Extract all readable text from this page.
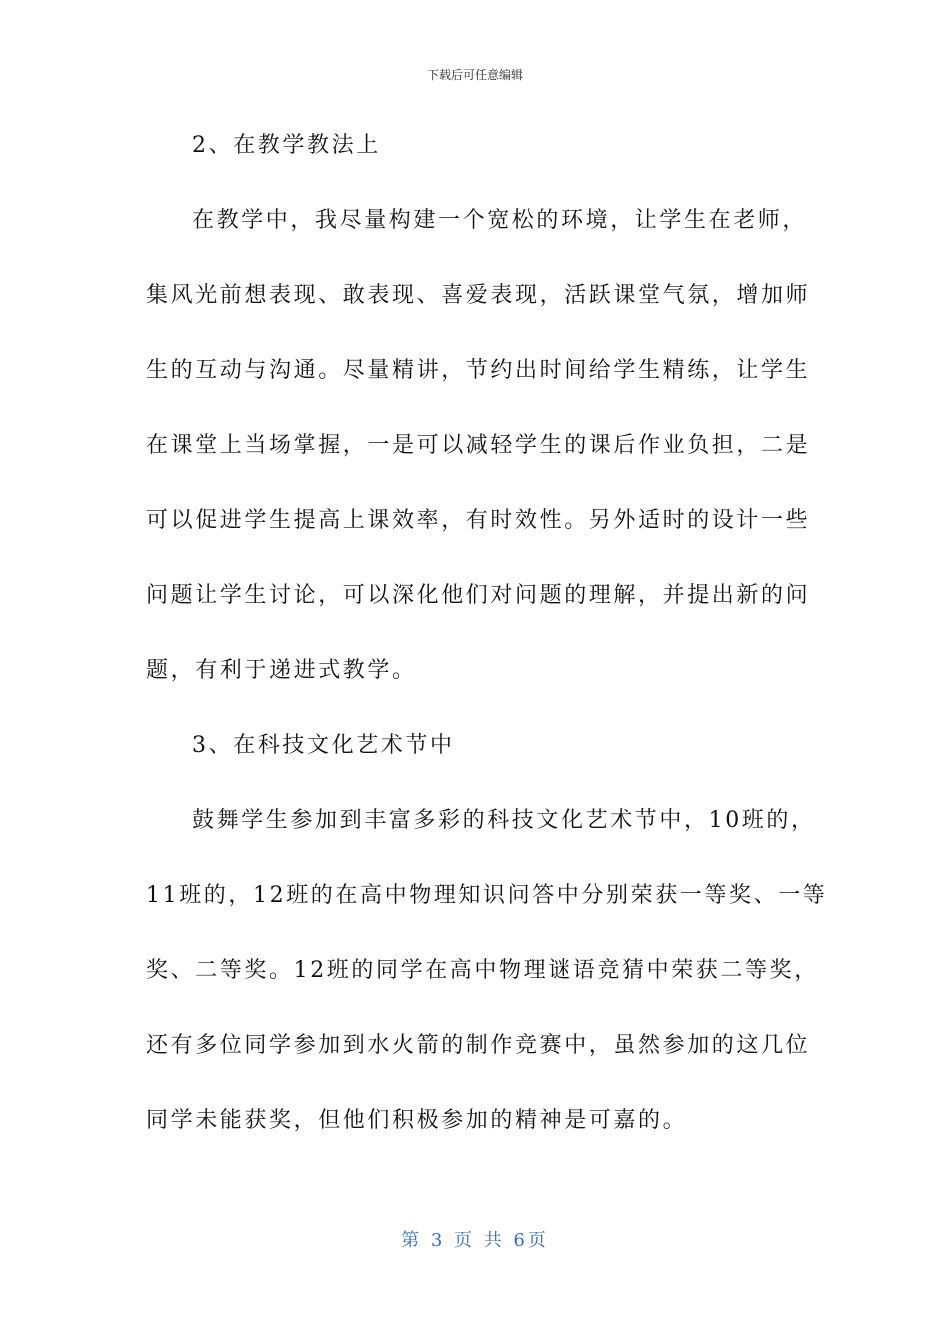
下载后可任意编辑
2、在教学教法上
在教学中，我尽量构建一个宽松的环境，让学生在老师，
集风光前想表现、敢表现、喜爱表现，活跃课堂气氛，增加师
生的互动与沟通。尽量精讲，节约出时间给学生精练，让学生
在课堂上当场掌握，一是可以减轻学生的课后作业负担，二是
可以促进学生提高上课效率，有时效性。另外适时的设计一些
问题让学生讨论，可以深化他们对问题的理解，并提出新的问
题，有利于递进式教学。
3、在科技文化艺术节中
鼓舞学生参加到丰富多彩的科技文化艺术节中，10班的，
11班的，12班的在高中物理知识问答中分别荣获一等奖、一等
奖、二等奖。12班的同学在高中物理谜语竞猜中荣获二等奖，
还有多位同学参加到水火箭的制作竞赛中，虽然参加的这几位
同学未能获奖，但他们积极参加的精神是可嘉的。
第 3 页 共 6页
